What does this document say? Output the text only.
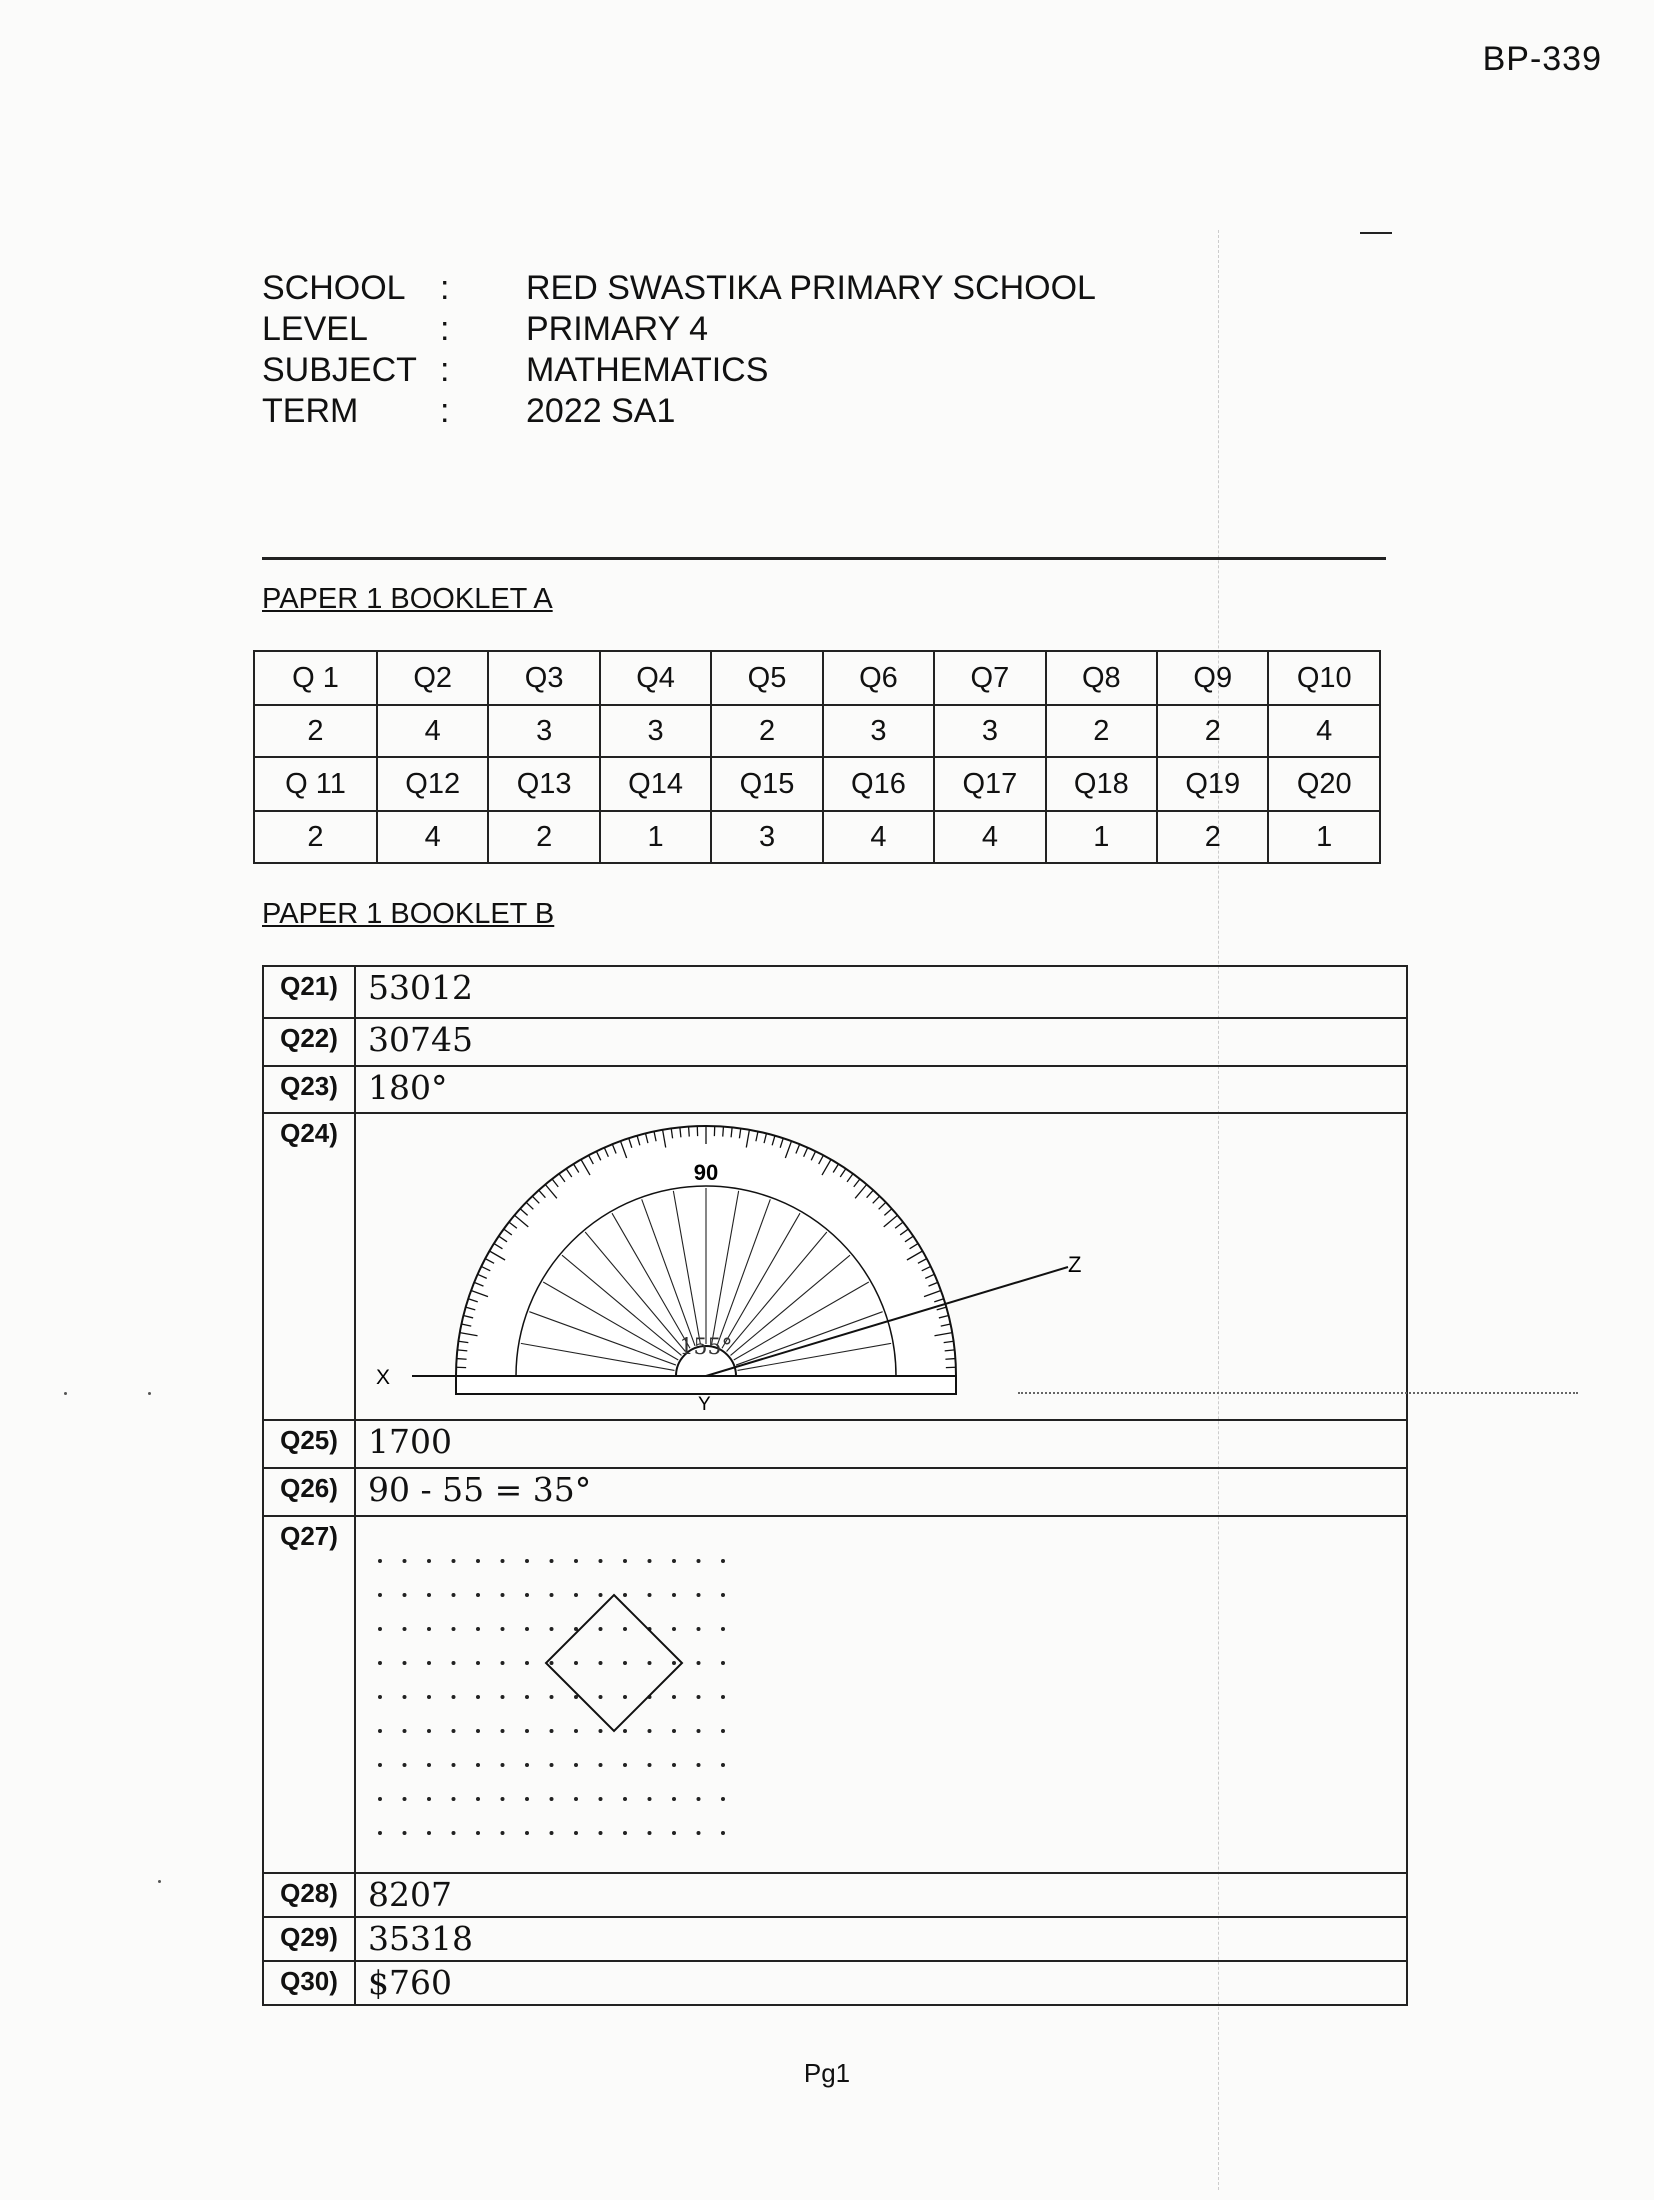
BP-339
SCHOOL	:	RED SWASTIKA PRIMARY SCHOOL
LEVEL	:	PRIMARY 4
SUBJECT :	MATHEMATICS
TERM	:	2022 SA1
PAPER 1 BOOKLET A
Q 1	Q2	Q3	Q4	Q5	Q6	Q7	Q8	Q9	Q10
2	4	3	3	2	3	3	2	2	4
Q 11	Q12	Q13	Q14	Q15	Q16	Q17	Q18	Q19	Q20
2	4	2	1	3	4	4	1	2	1
PAPER 1 BOOKLET B
Q21)	53012
Q22)	30745
Q23)	180°
Q24)	90
155°
X
Y
Z

Q25)	1700
Q26)	90 - 55 = 35°
Q27)	
Q28)	8207
Q29)	35318
Q30)	$760
Pg1
